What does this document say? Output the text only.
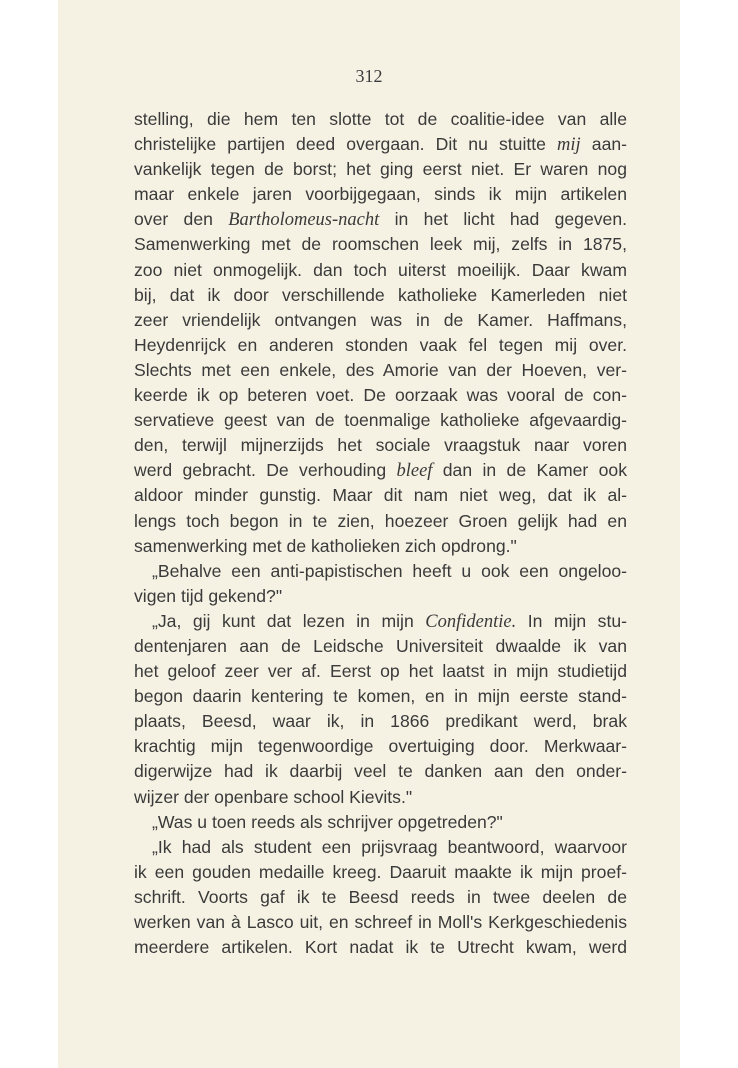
312
stelling, die hem ten slotte tot de coalitie-idee van alle
christelijke partijen deed overgaan. Dit nu stuitte mij aan-
vankelijk tegen de borst; het ging eerst niet. Er waren nog
maar enkele jaren voorbijgegaan, sinds ik mijn artikelen
over den Bartholomeus-nacht in het licht had gegeven.
Samenwerking met de roomschen leek mij, zelfs in 1875,
zoo niet onmogelijk. dan toch uiterst moeilijk. Daar kwam
bij, dat ik door verschillende katholieke Kamerleden niet
zeer vriendelijk ontvangen was in de Kamer. Haffmans,
Heydenrijck en anderen stonden vaak fel tegen mij over.
Slechts met een enkele, des Amorie van der Hoeven, ver-
keerde ik op beteren voet. De oorzaak was vooral de con-
servatieve geest van de toenmalige katholieke afgevaardig-
den, terwijl mijnerzijds het sociale vraagstuk naar voren
werd gebracht. De verhouding bleef dan in de Kamer ook
aldoor minder gunstig. Maar dit nam niet weg, dat ik al-
lengs toch begon in te zien, hoezeer Groen gelijk had en
samenwerking met de katholieken zich opdrong."
„Behalve een anti-papistischen heeft u ook een ongeloo-
vigen tijd gekend?"
„Ja, gij kunt dat lezen in mijn Confidentie. In mijn stu-
dentenjaren aan de Leidsche Universiteit dwaalde ik van
het geloof zeer ver af. Eerst op het laatst in mijn studietijd
begon daarin kentering te komen, en in mijn eerste stand-
plaats, Beesd, waar ik, in 1866 predikant werd, brak
krachtig mijn tegenwoordige overtuiging door. Merkwaar-
digerwijze had ik daarbij veel te danken aan den onder-
wijzer der openbare school Kievits."
„Was u toen reeds als schrijver opgetreden?"
„Ik had als student een prijsvraag beantwoord, waarvoor
ik een gouden medaille kreeg. Daaruit maakte ik mijn proef-
schrift. Voorts gaf ik te Beesd reeds in twee deelen de
werken van à Lasco uit, en schreef in Moll's Kerkgeschiedenis
meerdere artikelen. Kort nadat ik te Utrecht kwam, werd
